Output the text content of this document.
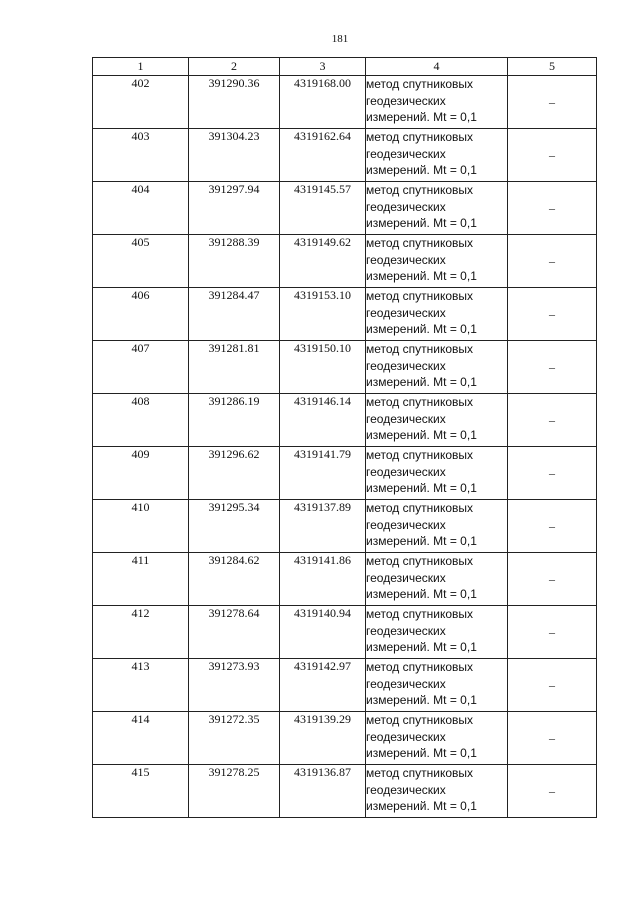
181
1	2	3	4	5
402	391290.36	4319168.00	метод спутниковых
геодезических
измерений. Mt = 0,1	–
403	391304.23	4319162.64	метод спутниковых
геодезических
измерений. Mt = 0,1	–
404	391297.94	4319145.57	метод спутниковых
геодезических
измерений. Mt = 0,1	–
405	391288.39	4319149.62	метод спутниковых
геодезических
измерений. Mt = 0,1	–
406	391284.47	4319153.10	метод спутниковых
геодезических
измерений. Mt = 0,1	–
407	391281.81	4319150.10	метод спутниковых
геодезических
измерений. Mt = 0,1	–
408	391286.19	4319146.14	метод спутниковых
геодезических
измерений. Mt = 0,1	–
409	391296.62	4319141.79	метод спутниковых
геодезических
измерений. Mt = 0,1	–
410	391295.34	4319137.89	метод спутниковых
геодезических
измерений. Mt = 0,1	–
411	391284.62	4319141.86	метод спутниковых
геодезических
измерений. Mt = 0,1	–
412	391278.64	4319140.94	метод спутниковых
геодезических
измерений. Mt = 0,1	–
413	391273.93	4319142.97	метод спутниковых
геодезических
измерений. Mt = 0,1	–
414	391272.35	4319139.29	метод спутниковых
геодезических
измерений. Mt = 0,1	–
415	391278.25	4319136.87	метод спутниковых
геодезических
измерений. Mt = 0,1	–
